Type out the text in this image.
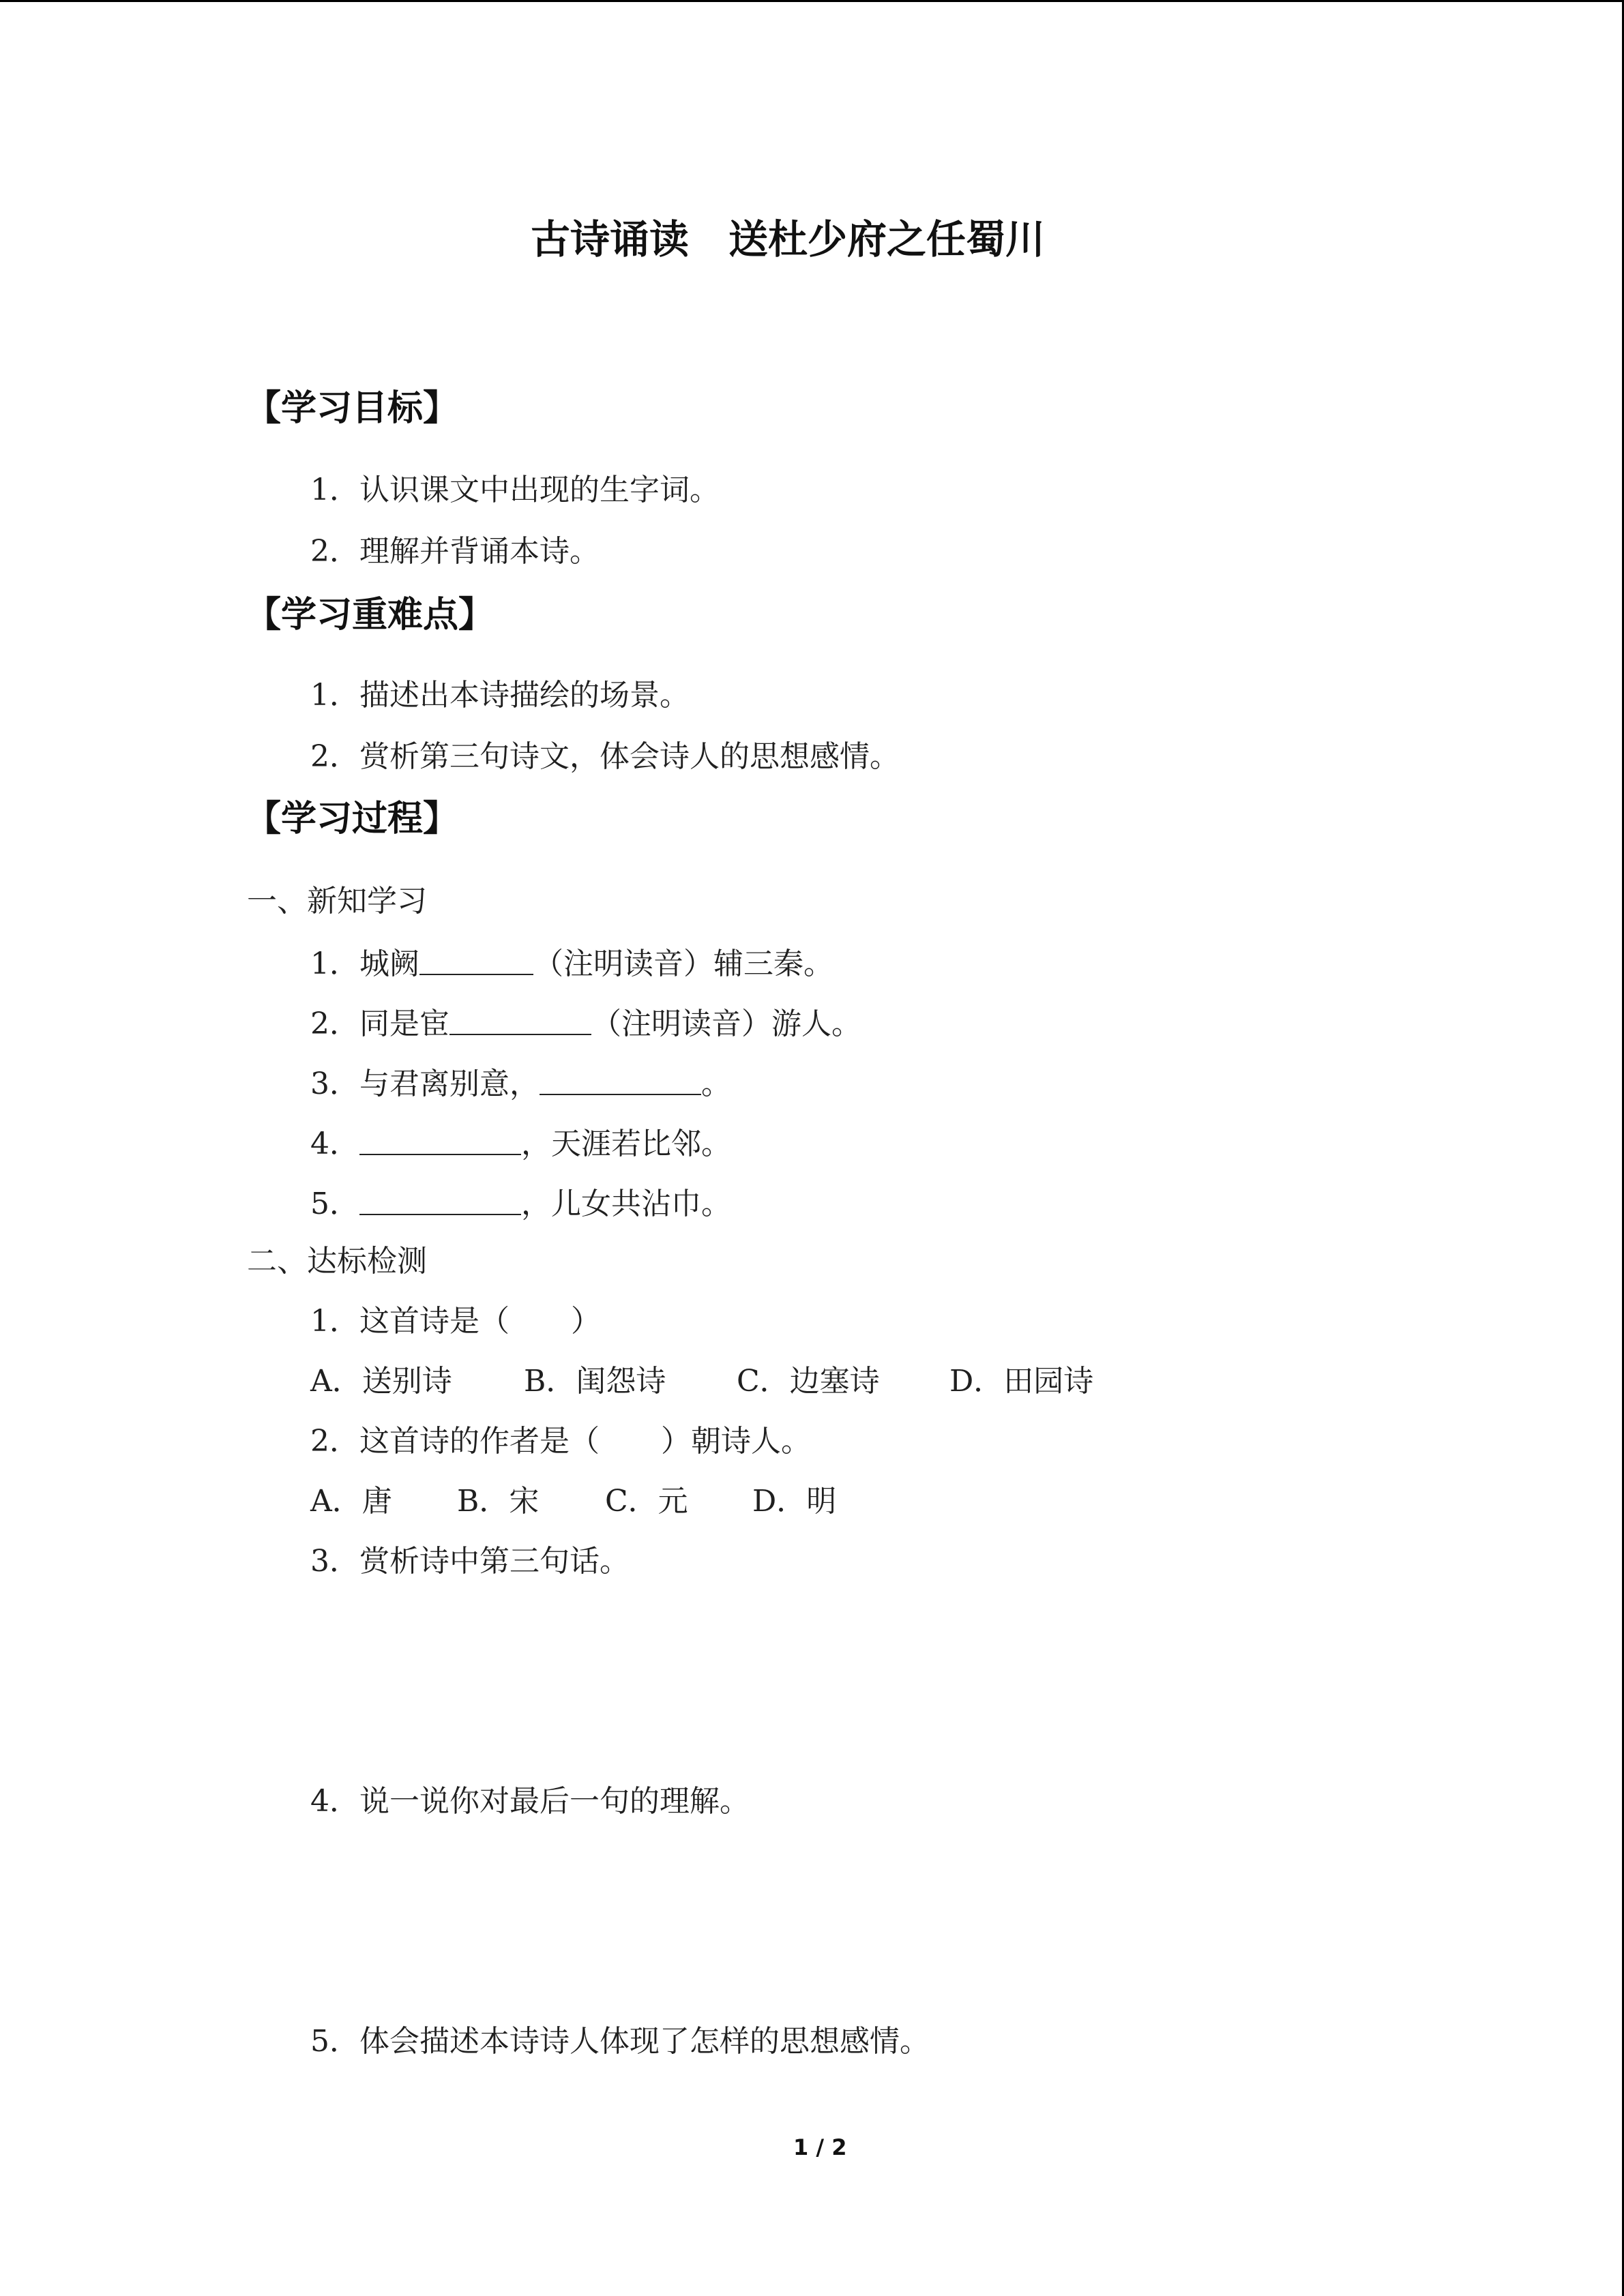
古诗诵读　送杜少府之任蜀川
【学习目标】
1．认识课文中出现的生字词。
2．理解并背诵本诗。
【学习重难点】
1．描述出本诗描绘的场景。
2．赏析第三句诗文，体会诗人的思想感情。
【学习过程】
一、新知学习
1．城阙	（注明读音）辅三秦。
2．同是宦	（注明读音）游人。
3．与君离别意，	。
4．	，天涯若比邻。
5．	，儿女共沾巾。
二、达标检测
1．这首诗是（ ）
A．送别诗 B．闺怨诗 C．边塞诗 D．田园诗
2．这首诗的作者是（ ）朝诗人。
A．唐 B．宋 C．元 D．明
3．赏析诗中第三句话。
4．说一说你对最后一句的理解。
5．体会描述本诗诗人体现了怎样的思想感情。
1 / 2
